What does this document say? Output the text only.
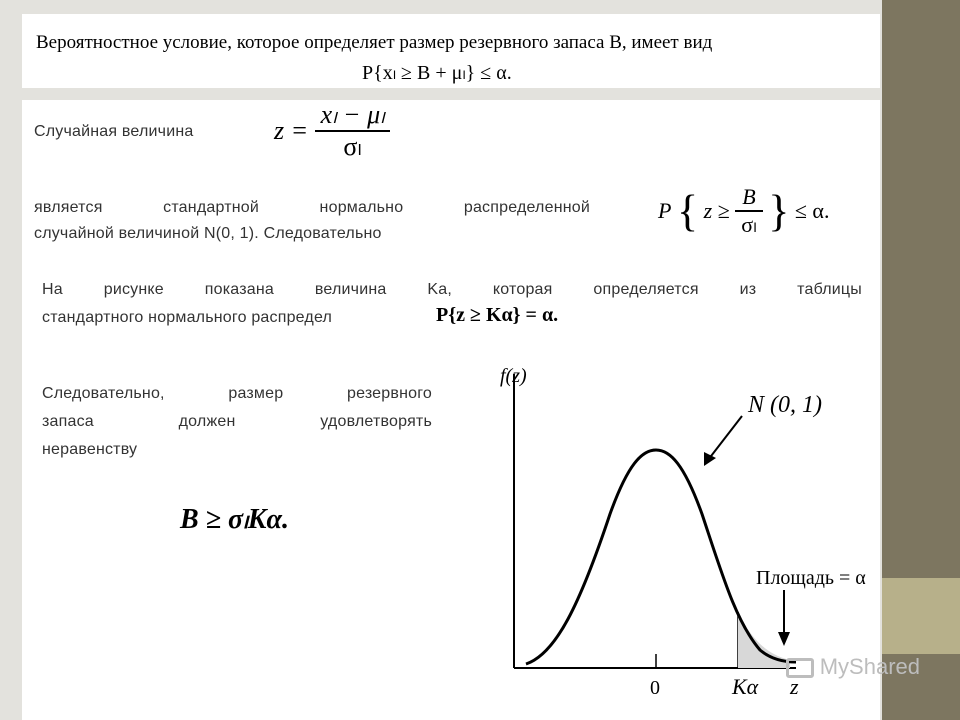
Вероятностное условие, которое определяет размер резервного запаса B, имеет вид
P{xₗ ≥ B + μₗ} ≤ α.
Случайная величина	$z = \frac{\text{xₗ − μₗ}}{\text{σₗ}}$
является стандартной нормально распределенной
случайной величиной N(0, 1). Следовательно
P { $z \ge \frac{B}{\text{σₗ}}$ } ≤ α.
На рисунке показана величина Ka, которая определяется из таблицы
стандартного нормального распредел	P{z ≥ Kα} = α.
Следовательно, размер резервного
запаса должен удовлетворять
неравенству
B ≥ σₗKα.
f(z)
N (0, 1)
Площадь = α
0	Kα z
MyShared
